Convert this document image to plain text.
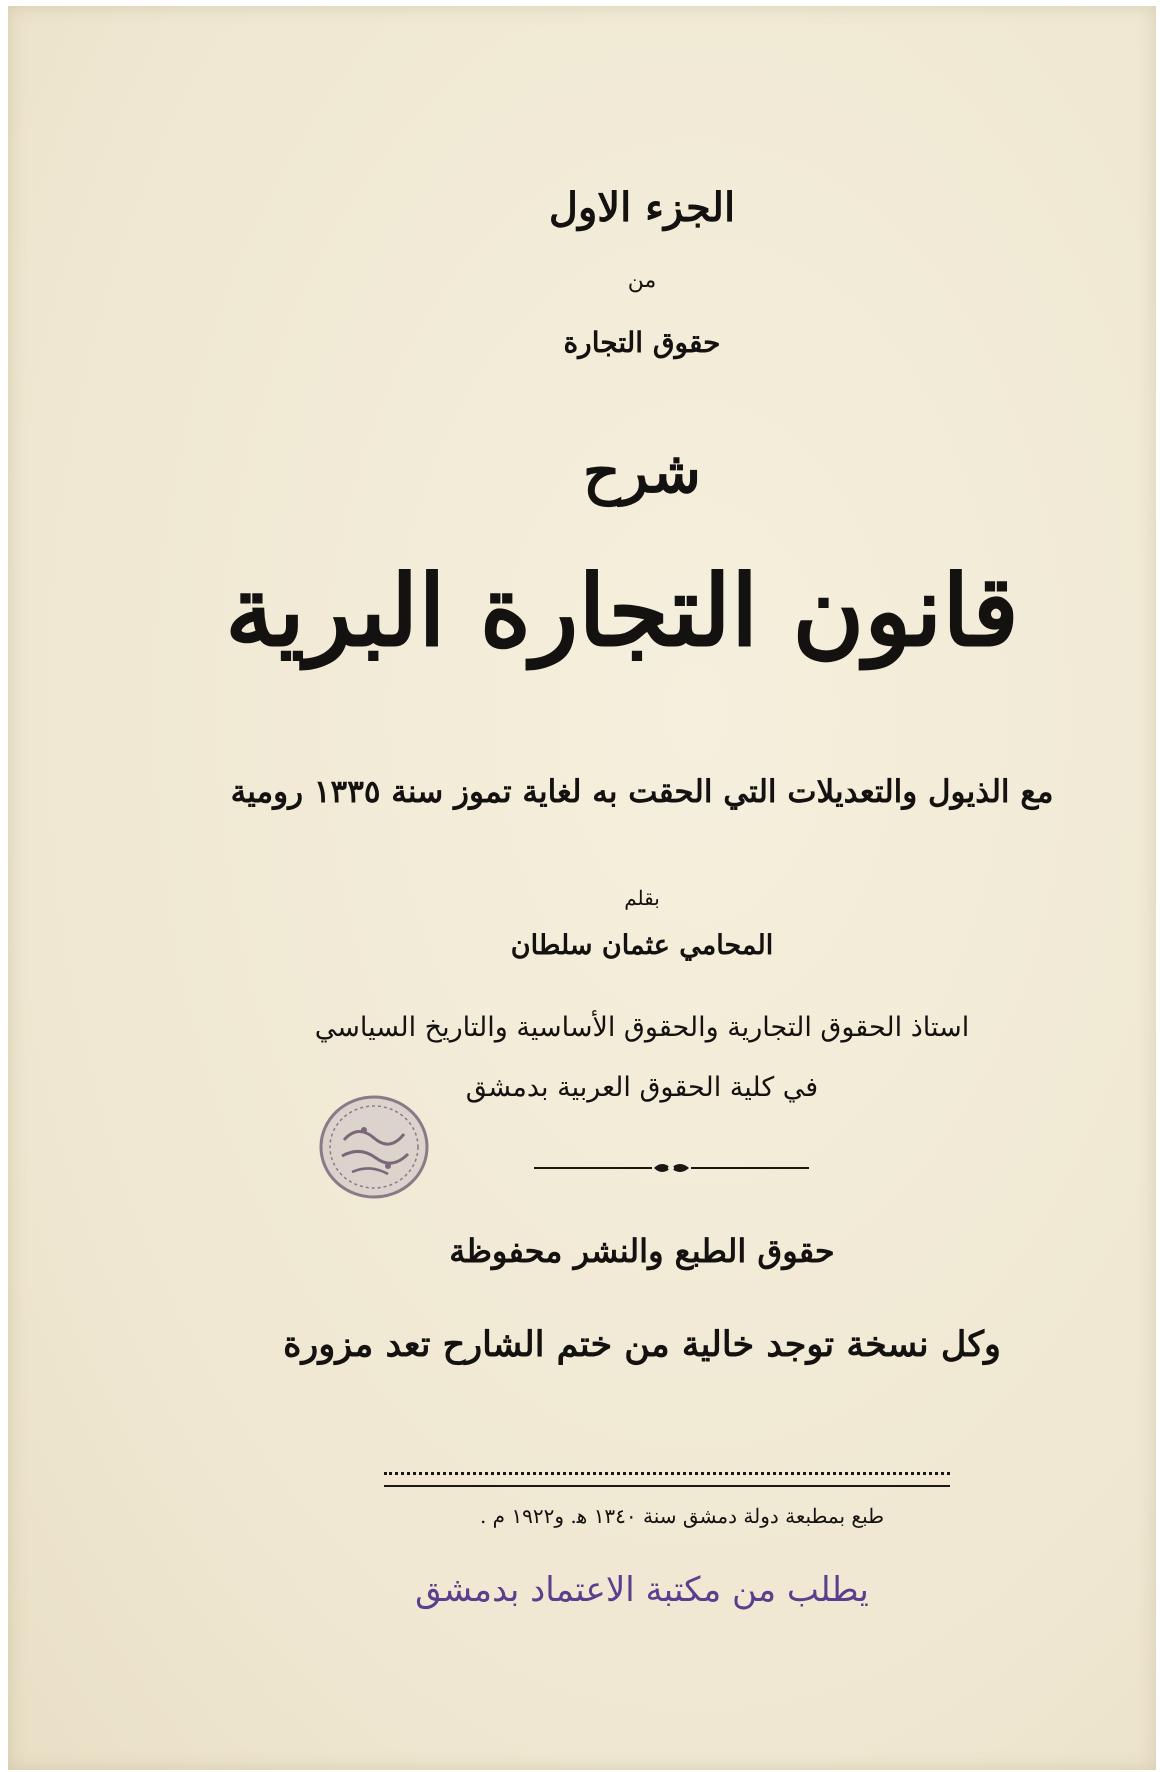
الجزء الاول
من
حقوق التجارة
شرح
قانون التجارة البرية
مع الذيول والتعديلات التي الحقت به لغاية تموز سنة ١٣٣٥ رومية
بقلم
المحامي عثمان سلطان
استاذ الحقوق التجارية والحقوق الأساسية والتاريخ السياسي
في كلية الحقوق العربية بدمشق
حقوق الطبع والنشر محفوظة
وكل نسخة توجد خالية من ختم الشارح تعد مزورة
طبع بمطبعة دولة دمشق سنة ١٣٤٠ ه‍. و١٩٢٢ م .
يطلب من مكتبة الاعتماد بدمشق
